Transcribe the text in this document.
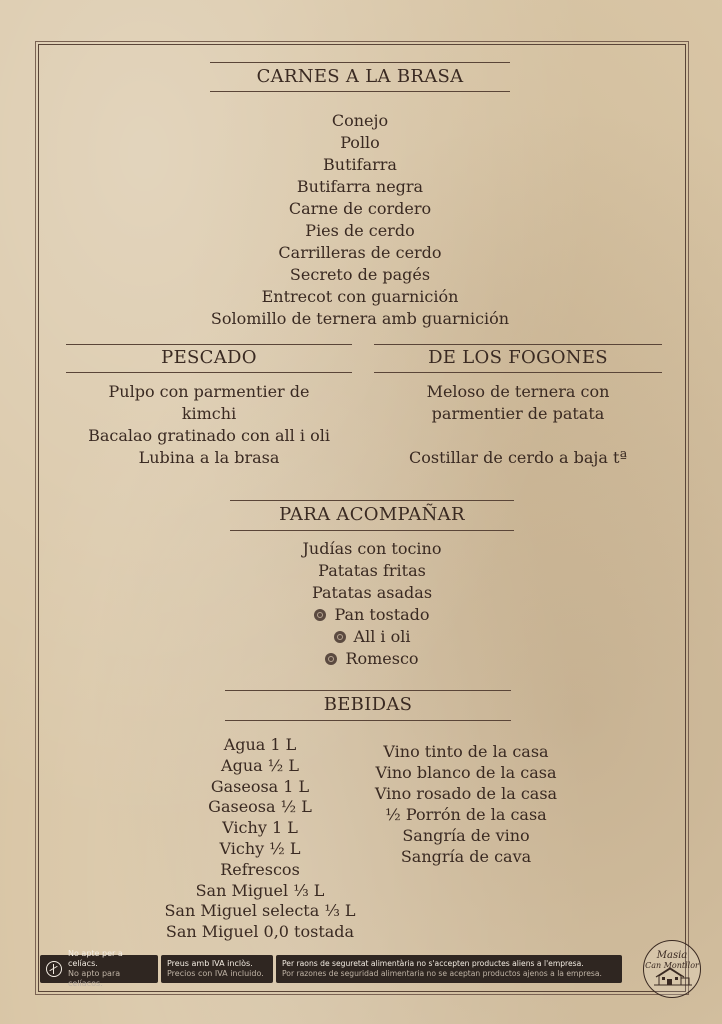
CARNES A LA BRASA
Conejo
Pollo
Butifarra
Butifarra negra
Carne de cordero
Pies de cerdo
Carrilleras de cerdo
Secreto de pagés
Entrecot con guarnición
Solomillo de ternera amb guarnición
PESCADO
Pulpo con parmentier de
kimchi
Bacalao gratinado con all i oli
Lubina a la brasa
DE LOS FOGONES
Meloso de ternera con
parmentier de patata
Costillar de cerdo a baja tª
PARA ACOMPAÑAR
Judías con tocino
Patatas fritas
Patatas asadas
Pan tostado
All i oli
Romesco
BEBIDAS
Agua 1 L
Agua ½ L
Gaseosa 1 L
Gaseosa ½ L
Vichy 1 L
Vichy ½ L
Refrescos
San Miguel ⅓ L
San Miguel selecta ⅓ L
San Miguel 0,0 tostada
Vino tinto de la casa
Vino blanco de la casa
Vino rosado de la casa
½ Porrón de la casa
Sangría de vino
Sangría de cava
No apte per a celíacs.
No apto para celíacos.
Preus amb IVA inclòs.
Precios con IVA incluido.
Per raons de seguretat alimentària no s'accepten productes aliens a l'empresa.
Por razones de seguridad alimentaria no se aceptan productos ajenos a la empresa.
Masia
Can Montllor
